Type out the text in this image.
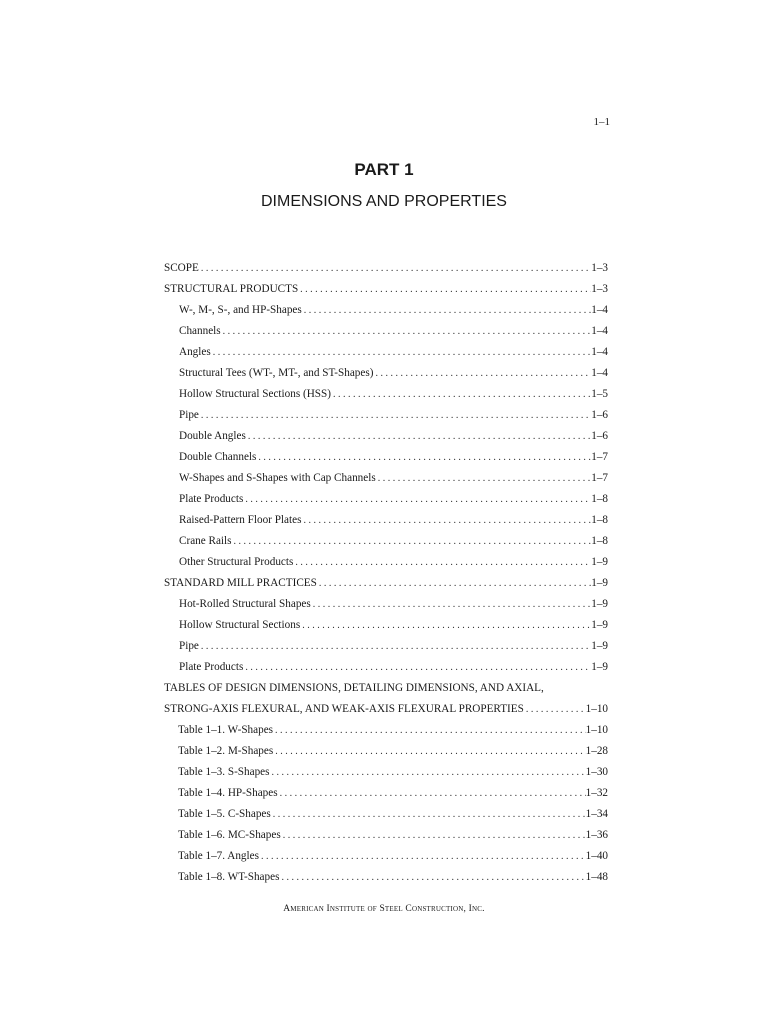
1–1
PART 1
DIMENSIONS AND PROPERTIES
SCOPE . . .	1–3
STRUCTURAL PRODUCTS . . .	1–3
W-, M-, S-, and HP-Shapes . . .	1–4
Channels . . .	1–4
Angles . . .	1–4
Structural Tees (WT-, MT-, and ST-Shapes) . . .	1–4
Hollow Structural Sections (HSS) . . .	1–5
Pipe . . .	1–6
Double Angles . . .	1–6
Double Channels . . .	1–7
W-Shapes and S-Shapes with Cap Channels . . .	1–7
Plate Products . . .	1–8
Raised-Pattern Floor Plates . . .	1–8
Crane Rails . . .	1–8
Other Structural Products . . .	1–9
STANDARD MILL PRACTICES . . .	1–9
Hot-Rolled Structural Shapes . . .	1–9
Hollow Structural Sections . . .	1–9
Pipe . . .	1–9
Plate Products . . .	1–9
TABLES OF DESIGN DIMENSIONS, DETAILING DIMENSIONS, AND AXIAL,
STRONG-AXIS FLEXURAL, AND WEAK-AXIS FLEXURAL PROPERTIES . . .	1–10
Table 1–1. W-Shapes . . .	1–10
Table 1–2. M-Shapes . . .	1–28
Table 1–3. S-Shapes . . .	1–30
Table 1–4. HP-Shapes . . .	1–32
Table 1–5. C-Shapes . . .	1–34
Table 1–6. MC-Shapes . . .	1–36
Table 1–7. Angles . . .	1–40
Table 1–8. WT-Shapes . . .	1–48
American Institute of Steel Construction, Inc.
